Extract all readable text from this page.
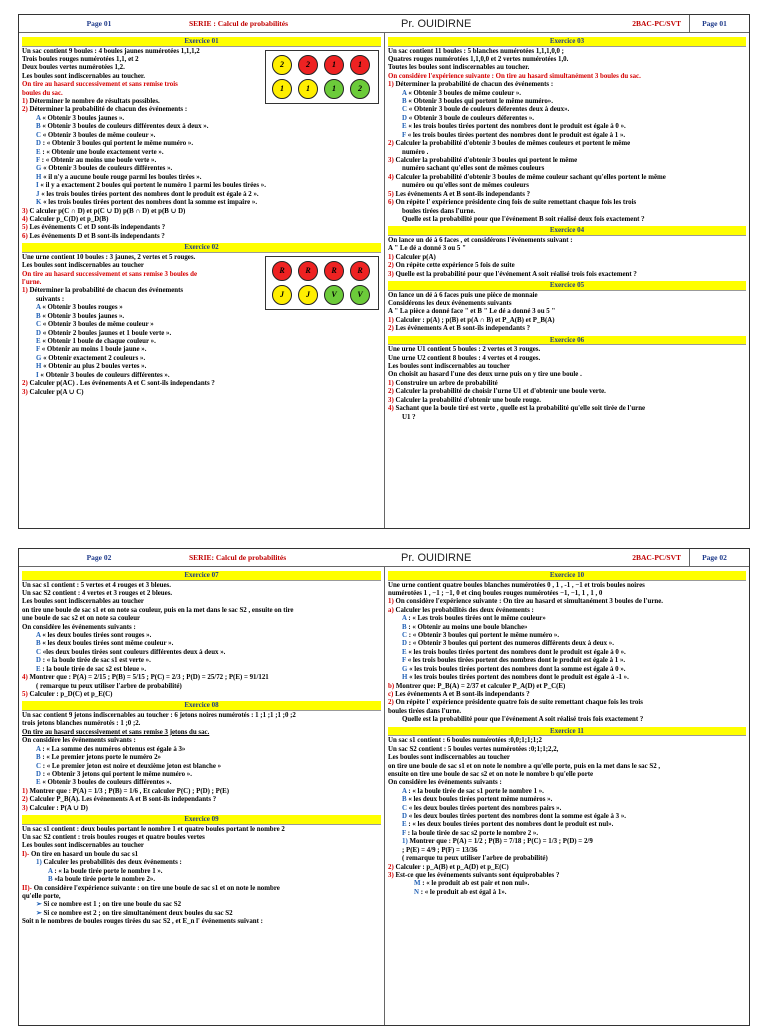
Page 01	SERIE : Calcul de probabilités	Pr. OUIDIRNE	2BAC-PC/SVT	Page 01
Exercice 01
2	2	1	1
1	1	1	2
Un sac contient 9 boules : 4 boules jaunes numérotées 1,1,1,2
Trois boules rouges numérotées 1,1, et 2
Deux boules vertes numérotées 1,2.
Les boules sont indiscernables au toucher.
On tire au hasard successivement et sans remise trois
boules du sac.
1) Déterminer le nombre de résultats possibles.
2) Déterminer la probabilité de chacun des événements :
A « Obtenir 3 boules jaunes ».
B « Obtenir 3 boules de couleurs différentes deux à deux ».
C « Obtenir 3 boules de même couleur ».
D : « Obtenir 3 boules qui portent le même numéro ».
E : « Obtenir une boule exactement verte ».
F : « Obtenir au moins une boule verte ».
G « Obtenir 3 boules de couleurs différentes ».
H « il n'y a aucune boule rouge parmi les boules tirées ».
I « il y a exactement 2 boules qui portent le numéro 1 parmi les boules tirées ».
J « les trois boules tirées portent des nombres dont le produit est égale à 2 ».
K « les trois boules tirées portent des nombres dont la somme est impaire ».
3) C alculer p(C ∩ D) et p(C ∪ D) p(B ∩ D) et p(B ∪ D)
4) Calculer p_C(D) et p_D(B)
5) Les événements C et D sont-ils independants ?
6) Les événements D et B sont-ils independants ?
Exercice 02
R	R	R	R
J	J	V	V
Une urne contient 10 boules : 3 jaunes, 2 vertes et 5 rouges.
Les boules sont indiscernables au toucher
On tire au hasard successivement et sans remise 3 boules de
l'urne.
1) Déterminer la probabilité de chacun des événements
suivants :
A « Obtenir 3 boules rouges »
B « Obtenir 3 boules jaunes ».
C « Obtenir 3 boules de même couleur »
D « Obtenir 2 boules jaunes et 1 boule verte ».
E « Obtenir 1 boule de chaque couleur ».
F « Obtenir au moins 1 boule jaune ».
G « Obtenir exactement 2 couleurs ».
H « Obtenir au plus 2 boules vertes ».
I « Obtenir 3 boules de couleurs différentes ».
2) Calculer p(A̅C) . Les événements A et C sont-ils independants ?
3) Calculer p(A ∪ C)
Exercice 03
Un sac contient 11 boules : 5 blanches numérotées 1,1,1,0,0 ;
Quatres rouges numérotées 1,1,0,0 et 2 vertes numérotées 1,0.
Toutes les boules sont indiscernables au toucher.
On considère l'expérience suivante : On tire au hasard simultanément 3 boules du sac.
1) Déterminer la probabilité de chacun des événements :
A « Obtenir 3 boules de même couleur ».
B « Obtenir 3 boules qui portent le même numéro».
C « Obtenir 3 boule de couleurs déferentes deux à deux».
D « Obtenir 3 boule de couleurs déferentes ».
E « les trois boules tirées portent des nombres dont le produit est égale à 0 ».
F « les trois boules tirées portent des nombres dont le produit est égale à 1 ».
2) Calculer la probabilité d'obtenir 3 boules de mêmes couleurs et portent le même
numéro .
3) Calculer la probabilité d'obtenir 3 boules qui portent le même
numéro sachant qu'elles sont de mêmes couleurs
4) Calculer la probabilité d'obtenir 3 boules de même couleur sachant qu'elles portent le même
numéro ou qu'elles sont de mêmes couleurs
5) Les événements A et B sont-ils independants ?
6) On répète l' expérience présidente cinq fois de suite remettant chaque fois les trois
boules tirées dans l'urne.
Quelle est la probabilité pour que l'événement B soit réalisé deux fois exactement ?
Exercice 04
On lance un dé à 6 faces , et considérons l'événements suivant :
A " Le dé a donné 3 ou 5 "
1) Calculer p(A)
2) On répète cette expérience 5 fois de suite
3) Quelle est la probabilité pour que l'événement A soit réalisé trois fois exactement ?
Exercice 05
On lance un dé à 6 faces puis une pièce de monnaie
Considérons les deux événements suivants
A " La pièce a donné face " et B " Le dé a donné 3 ou 5 "
1) Calculer : p(A) ; p(B) et p(A ∩ B) et P_A(B) et P_B(A)
2) Les événements A et B sont-ils independants ?
Exercice 06
Une urne U1 contient 5 boules : 2 vertes et 3 rouges.
Une urne U2 contient 8 boules : 4 vertes et 4 rouges.
Les boules sont indiscernables au toucher
On choisit au hasard l'une des deux urne puis on y tire une boule .
1) Construire un arbre de probabilité
2) Calculer la probabilité de choisir l'urne U1 et d'obtenir une boule verte.
3) Calculer la probabilité d'obtenir une boule rouge.
4) Sachant que la boule tiré est verte , quelle est la probabilité qu'elle soit tirée de l'urne
U1 ?
Page 02	SERIE: Calcul de probabilités	Pr. OUIDIRNE	2BAC-PC/SVT	Page 02
Exercice 07
Un sac s1 contient : 5 vertes et 4 rouges et 3 bleues.
Un sac S2 contient : 4 vertes et 3 rouges et 2 bleues.
Les boules sont indiscernables au toucher
on tire une boule de sac s1 et on note sa couleur, puis en la met dans le sac S2 , ensuite on tire
une boule de sac s2 et on note sa couleur
On considère les événements suivants :
A « les deux boules tirées sont rouges ».
B « les deux boules tirées sont même couleur ».
C «les deux boules tirées sont couleurs différentes deux à deux ».
D : « la boule tirée de sac s1 est verte ».
E : la boule tirée de sac s2 est bleue ».
4) Montrer que : P(A) = 2/15 ; P(B) = 5/15 ; P(C) = 2/3 ; P(D) = 25/72 ; P(E) = 91/121
( remarque tu peux utiliser l'arbre de probabilité)
5) Calculer : p_D(C) et p_E(C)
Exercice 08
Un sac contient 9 jetons indiscernables au toucher : 6 jetons noires numérotés : 1 ;1 ;1 ;1 ;0 ;2
trois jetons blanches numérotés : 1 ;0 ;2.
On tire au hasard successivement et sans remise 3 jetons du sac.
On considère les événements suivants :
A : « La somme des numéros obtenus est égale à 3»
B : « Le premier jetons porte le numéro 2»
C : « Le premier jeton est noire et deuxième jeton est blanche »
D : « Obtenir 3 jetons qui portent le même numéro ».
E « Obtenir 3 boules de couleurs différentes ».
1) Montrer que : P(A) = 1/3 ; P(B) = 1/6 , Et calculer P(C) ; P(D) ; P(E)
2) Calculer P_B(A). Les événements A et B sont-ils independants ?
3) Calculer : P(A ∪ D)
Exercice 09
Un sac s1 contient : deux boules portant le nombre 1 et quatre boules portant le nombre 2
Un sac S2 contient : trois boules rouges et quatre boules vertes
Les boules sont indiscernables au toucher
I)- On tire en hasard un boule du sac s1
1) Calculer les probabilités des deux événements :
A : « la boule tirée porte le nombre 1 ».
B «la boule tirée porte le nombre 2».
II)- On considère l'expérience suivante : on tire une boule de sac s1 et on note le nombre
qu'elle porte,
➢ Si ce nombre est 1 ; on tire une boule du sac S2
➢ Si ce nombre est 2 ; on tire simultanément deux boules du sac S2
Soit n le nombres de boules rouges tirées du sac S2 , et E_n l' événements suivant :
Exercice 10
Une urne contient quatre boules blanches numérotées 0 , 1 , -1 , −1 et trois boules noires
numérotées 1 , −1 ; −1, 0 et cinq boules rouges numérotées −1, −1, 1 , 1 , 0
1) On considère l'expérience suivante : On tire au hasard et simultanément 3 boules de l'urne.
a) Calculer les probabilités des deux événements :
A : « Les trois boules tirées ont le même couleur»
B : « Obtenir au moins une boule blanche»
C : « Obtenir 3 boules qui portent le même numéro ».
D : « Obtenir 3 boules qui portent des numeros différents deux à deux ».
E « les trois boules tirées portent des nombres dont le produit est égale à 0 ».
F « les trois boules tirées portent des nombres dont le produit est égale à 1 ».
G « les trois boules tirées portent des nombres dont la somme est égale à 0 ».
H « les trois boules tirées portent des nombres dont le produit est égale à -1 ».
b) Montrer que: P_B(A) = 2/37 et calculer P_A(D) et P_C(E)
c) Les événements A et B sont-ils independants ?
2) On répète l' expérience présidente quatre fois de suite remettant chaque fois les trois
boules tirées dans l'urne.
Quelle est la probabilité pour que l'événement A soit réalisé trois fois exactement ?
Exercice 11
Un sac s1 contient : 6 boules numérotées :0,0;1;1;1;2
Un sac S2 contient : 5 boules vertes numérotées :0;1;1;2,2,
Les boules sont indiscernables au toucher
on tire une boule de sac s1 et on note le nombre a qu'elle porte, puis en la met dans le sac S2 ,
ensuite on tire une boule de sac s2 et on note le nombre b qu'elle porte
On considère les événements suivants :
A : « la boule tirée de sac s1 porte le nombre 1 ».
B « les deux boules tirées portent même numéros ».
C « les deux boules tirées portent des nombres pairs ».
D « les deux boules tirées portent des nombres dont la somme est égale à 3 ».
E : « les deux boules tirées portent des nombres dont le produit est nul».
F : la boule tirée de sac s2 porte le nombre 2 ».
1) Montrer que : P(A) = 1/2 ; P(B) = 7/18 ; P(C) = 1/3 ; P(D) = 2/9
; P(E) = 4/9 ; P(F) = 13/36
( remarque tu peux utiliser l'arbre de probabilité)
2) Calculer : p_A(B) et p_A(D) et p_E(C)
3) Est-ce que les événements suivants sont équiprobables ?
M : « le produit ab est pair et non nul».
N : « le produit ab est égal à 1».
